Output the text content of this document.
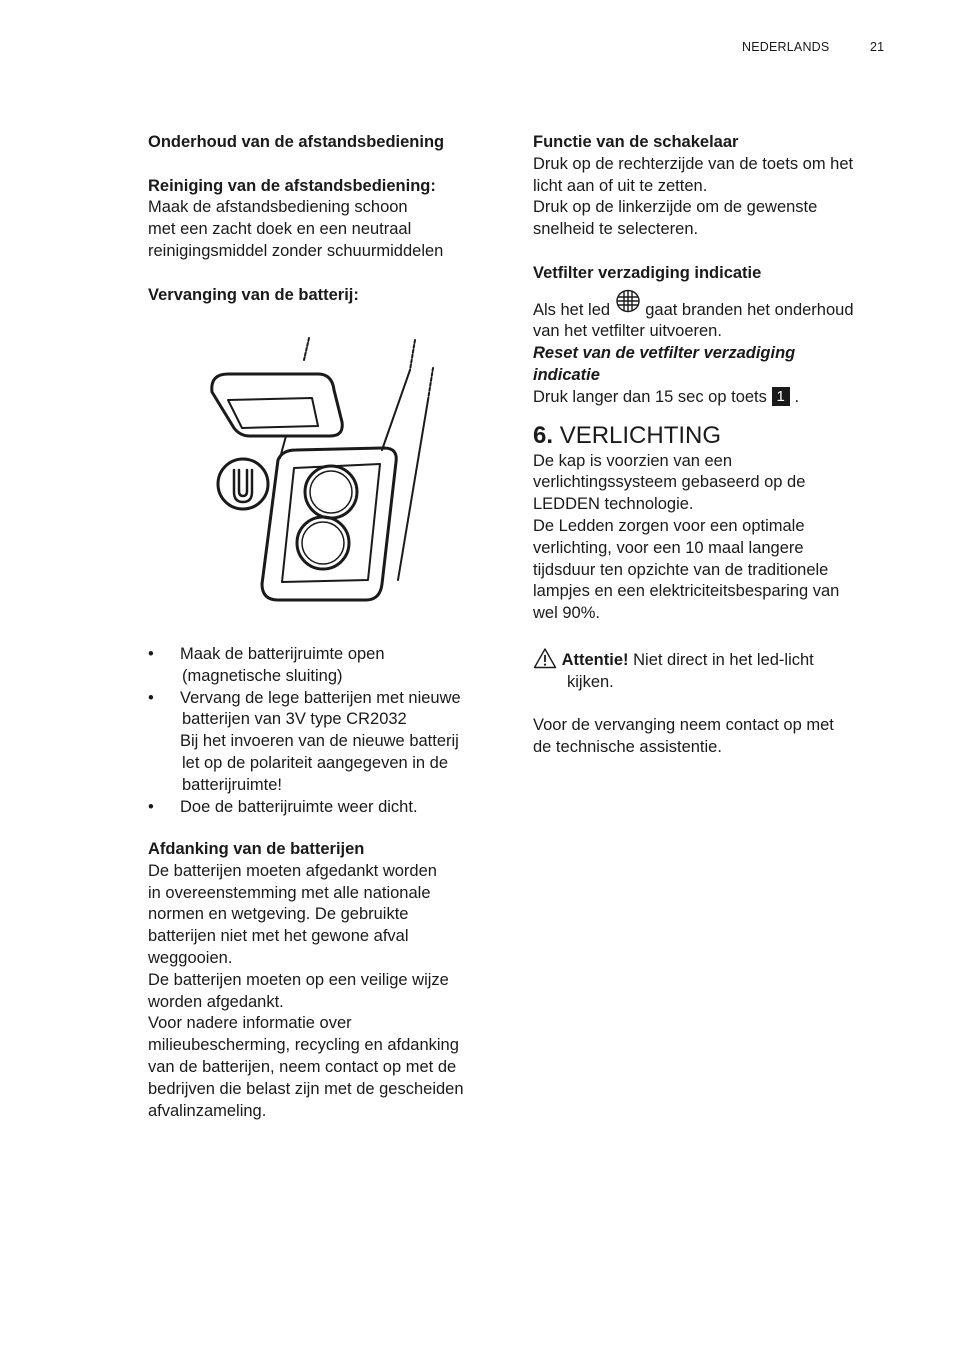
NEDERLANDS	21

Onderhoud van de afstandsbediening

Reiniging van de afstandsbediening:

Maak de afstandsbediening schoon

met een zacht doek en een neutraal

reinigingsmiddel zonder schuurmiddelen

Vervanging van de batterij:

• Maak de batterijruimte open

(magnetische sluiting)

• Vervang de lege batterijen met nieuwe

batterijen van 3V type CR2032

Bij het invoeren van de nieuwe batterij

let op de polariteit aangegeven in de

batterijruimte!

• Doe de batterijruimte weer dicht.

Afdanking van de batterijen

De batterijen moeten afgedankt worden

in overeenstemming met alle nationale

normen en wetgeving. De gebruikte

batterijen niet met het gewone afval

weggooien.

De batterijen moeten op een veilige wijze

worden afgedankt.

Voor nadere informatie over

milieubescherming, recycling en afdanking

van de batterijen, neem contact op met de

bedrijven die belast zijn met de gescheiden

afvalinzameling.

Functie van de schakelaar

Druk op de rechterzijde van de toets om het

licht aan of uit te zetten.

Druk op de linkerzijde om de gewenste

snelheid te selecteren.

Vetfilter verzadiging indicatie

Als het led gaat branden het onderhoud

van het vetfilter uitvoeren.

Reset van de vetfilter verzadiging

indicatie

Druk langer dan 15 sec op toets 1 .

6. VERLICHTING

De kap is voorzien van een

verlichtingssysteem gebaseerd op de

LEDDEN technologie.

De Ledden zorgen voor een optimale

verlichting, voor een 10 maal langere

tijdsduur ten opzichte van de traditionele

lampjes en een elektriciteitsbesparing van

wel 90%.

Attentie! Niet direct in het led-licht

kijken.

Voor de vervanging neem contact op met

de technische assistentie.
